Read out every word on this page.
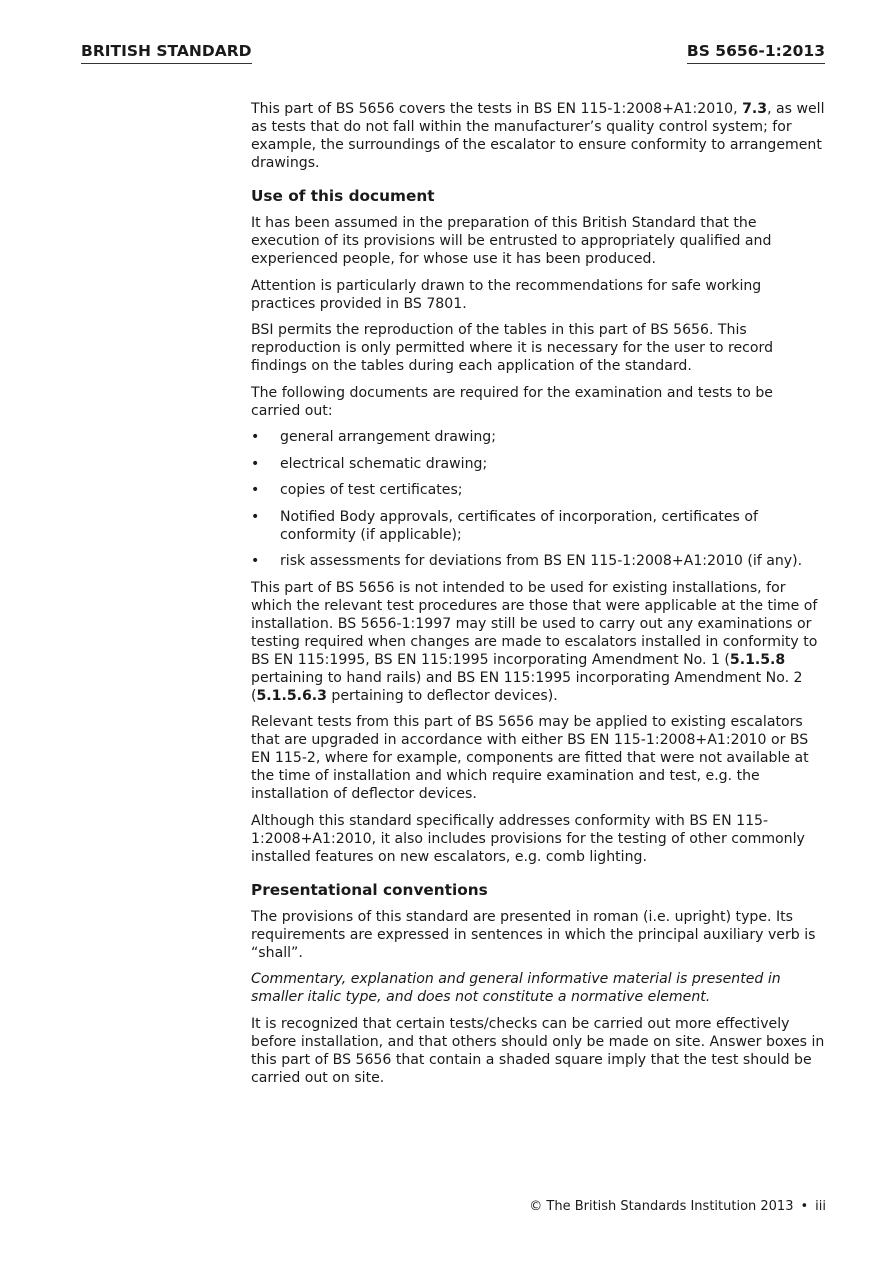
BRITISH STANDARD	BS 5656-1:2013

This part of BS 5656 covers the tests in BS EN 115-1:2008+A1:2010, 7.3, as well as tests that do not fall within the manufacturer’s quality control system; for example, the surroundings of the escalator to ensure conformity to arrangement drawings.

Use of this document

It has been assumed in the preparation of this British Standard that the execution of its provisions will be entrusted to appropriately qualified and experienced people, for whose use it has been produced.

Attention is particularly drawn to the recommendations for safe working practices provided in BS 7801.

BSI permits the reproduction of the tables in this part of BS 5656. This reproduction is only permitted where it is necessary for the user to record findings on the tables during each application of the standard.

The following documents are required for the examination and tests to be carried out:

• general arrangement drawing;
• electrical schematic drawing;
• copies of test certificates;
• Notified Body approvals, certificates of incorporation, certificates of conformity (if applicable);
• risk assessments for deviations from BS EN 115-1:2008+A1:2010 (if any).

This part of BS 5656 is not intended to be used for existing installations, for which the relevant test procedures are those that were applicable at the time of installation. BS 5656-1:1997 may still be used to carry out any examinations or testing required when changes are made to escalators installed in conformity to BS EN 115:1995, BS EN 115:1995 incorporating Amendment No. 1 (5.1.5.8 pertaining to hand rails) and BS EN 115:1995 incorporating Amendment No. 2 (5.1.5.6.3 pertaining to deflector devices).

Relevant tests from this part of BS 5656 may be applied to existing escalators that are upgraded in accordance with either BS EN 115-1:2008+A1:2010 or BS EN 115-2, where for example, components are fitted that were not available at the time of installation and which require examination and test, e.g. the installation of deflector devices.

Although this standard specifically addresses conformity with BS EN 115-1:2008+A1:2010, it also includes provisions for the testing of other commonly installed features on new escalators, e.g. comb lighting.

Presentational conventions

The provisions of this standard are presented in roman (i.e. upright) type. Its requirements are expressed in sentences in which the principal auxiliary verb is “shall”.

Commentary, explanation and general informative material is presented in smaller italic type, and does not constitute a normative element.

It is recognized that certain tests/checks can be carried out more effectively before installation, and that others should only be made on site. Answer boxes in this part of BS 5656 that contain a shaded square imply that the test should be carried out on site.

© The British Standards Institution 2013 • iii
